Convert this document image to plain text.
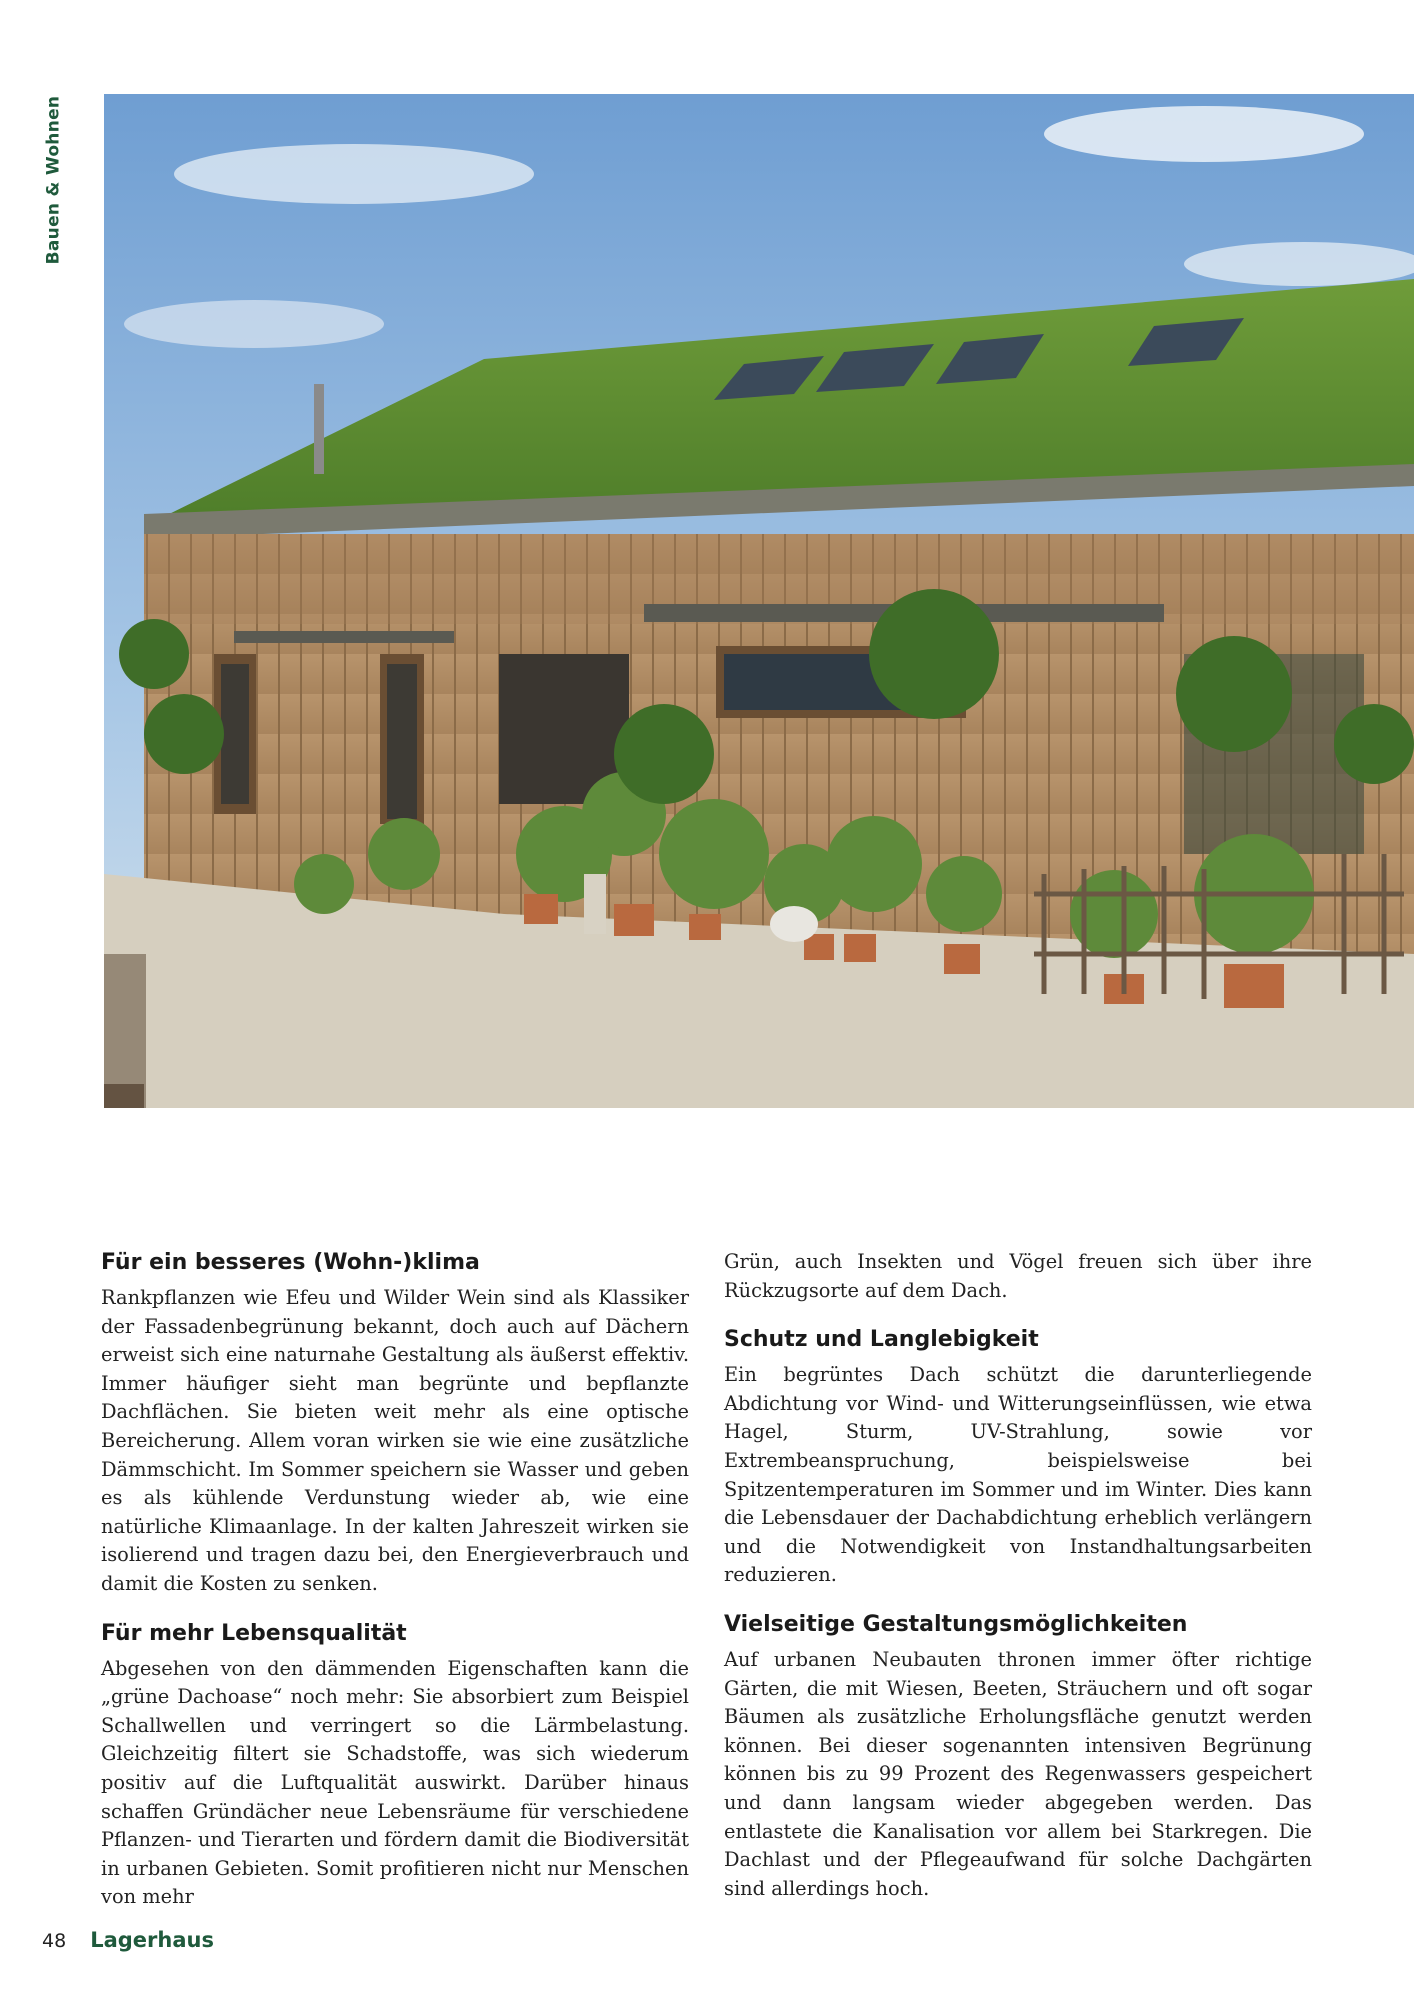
Bauen & Wohnen
Für ein besseres (Wohn-)klima

Rankpflanzen wie Efeu und Wilder Wein sind als Klassiker der Fassadenbegrünung bekannt, doch auch auf Dächern erweist sich eine naturnahe Gestaltung als äußerst effektiv. Immer häufiger sieht man begrünte und bepflanzte Dachflächen. Sie bieten weit mehr als eine optische Bereicherung. Allem voran wirken sie wie eine zusätzliche Dämmschicht. Im Sommer speichern sie Wasser und geben es als kühlende Verdunstung wieder ab, wie eine natürliche Klimaanlage. In der kalten Jahreszeit wirken sie isolierend und tragen dazu bei, den Energieverbrauch und damit die Kosten zu senken.

Für mehr Lebensqualität

Abgesehen von den dämmenden Eigenschaften kann die „grüne Dachoase“ noch mehr: Sie absorbiert zum Beispiel Schallwellen und verringert so die Lärmbelastung. Gleichzeitig filtert sie Schadstoffe, was sich wiederum positiv auf die Luftqualität auswirkt. Darüber hinaus schaffen Gründächer neue Lebensräume für verschiedene Pflanzen- und Tierarten und fördern damit die Biodiversität in urbanen Gebieten. Somit profitieren nicht nur Menschen von mehr

Grün, auch Insekten und Vögel freuen sich über ihre Rückzugsorte auf dem Dach.

Schutz und Langlebigkeit

Ein begrüntes Dach schützt die darunterliegende Abdichtung vor Wind- und Witterungseinflüssen, wie etwa Hagel, Sturm, UV-Strahlung, sowie vor Extrembeanspruchung, beispielsweise bei Spitzentemperaturen im Sommer und im Winter. Dies kann die Lebensdauer der Dachabdichtung erheblich verlängern und die Notwendigkeit von Instandhaltungsarbeiten reduzieren.

Vielseitige Gestaltungsmöglichkeiten

Auf urbanen Neubauten thronen immer öfter richtige Gärten, die mit Wiesen, Beeten, Sträuchern und oft sogar Bäumen als zusätzliche Erholungsfläche genutzt werden können. Bei dieser sogenannten intensiven Begrünung können bis zu 99 Prozent des Regenwassers gespeichert und dann langsam wieder abgegeben werden. Das entlastete die Kanalisation vor allem bei Starkregen. Die Dachlast und der Pflegeaufwand für solche Dachgärten sind allerdings hoch.

48 Lagerhaus
